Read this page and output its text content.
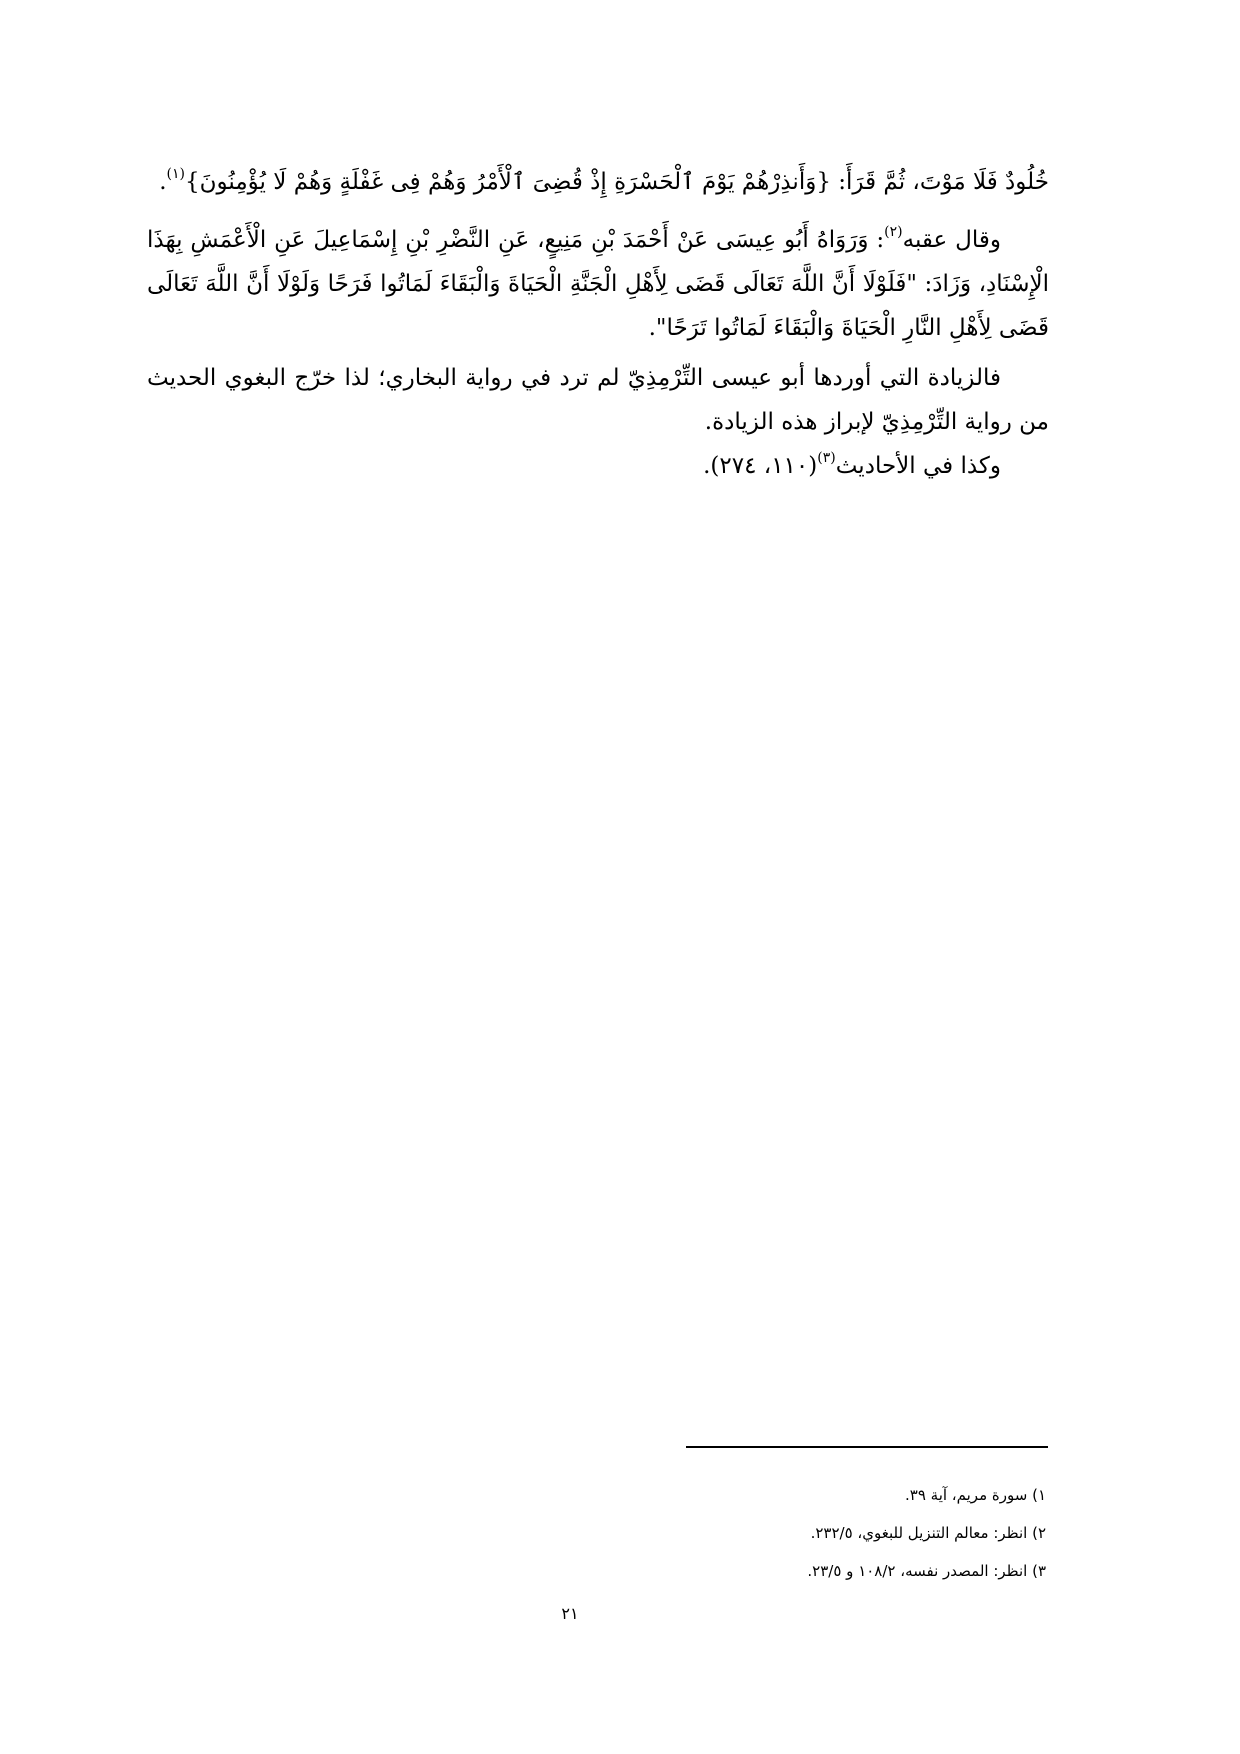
خُلُودٌ فَلَا مَوْتَ، ثُمَّ قَرَأَ: {وَأَنذِرْهُمْ يَوْمَ ٱلْحَسْرَةِ إِذْ قُضِىَ ٱلْأَمْرُ وَهُمْ فِى غَفْلَةٍ وَهُمْ لَا يُؤْمِنُونَ}$^{(١)}$.

وقال عقبه$^{(٢)}$: وَرَوَاهُ أَبُو عِيسَى عَنْ أَحْمَدَ بْنِ مَنِيعٍ، عَنِ النَّضْرِ بْنِ إِسْمَاعِيلَ عَنِ الْأَعْمَشِ بِهَذَا الْإِسْنَادِ، وَزَادَ: "فَلَوْلَا أَنَّ اللَّهَ تَعَالَى قَضَى لِأَهْلِ الْجَنَّةِ الْحَيَاةَ وَالْبَقَاءَ لَمَاتُوا فَرَحًا وَلَوْلَا أَنَّ اللَّهَ تَعَالَى قَضَى لِأَهْلِ النَّارِ الْحَيَاةَ وَالْبَقَاءَ لَمَاتُوا تَرَحًا".

فالزيادة التي أوردها أبو عيسى التِّرْمِذِيّ لم ترد في رواية البخاري؛ لذا خرّج البغوي الحديث من رواية التِّرْمِذِيّ لإبراز هذه الزيادة.

وكذا في الأحاديث$^{(٣)}$(١١٠، ٢٧٤).

١) سورة مريم، آية ٣٩.

٢) انظر: معالم التنزيل للبغوي، ٢٣٢/٥.

٣) انظر: المصدر نفسه، ١٠٨/٢ و ٢٣/٥.

٢١
